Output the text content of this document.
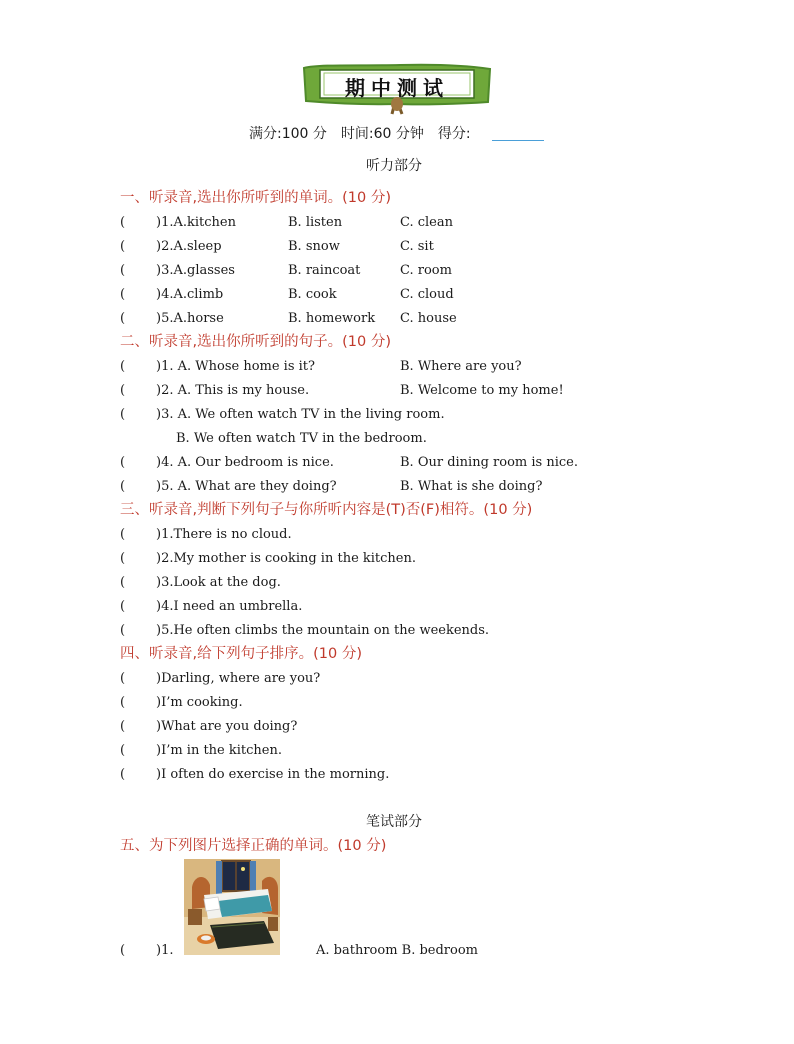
期中测试
满分:100 分　时间:60 分钟　得分:
听力部分
一、听录音,选出你所听到的单词。(10 分)
( )1.A.kitchen	B. listen	C. clean
( )2.A.sleep	B. snow	C. sit
( )3.A.glasses	B. raincoat	C. room
( )4.A.climb	B. cook	C. cloud
( )5.A.horse	B. homework C. house
二、听录音,选出你所听到的句子。(10 分)
( )1. A. Whose home is it?	B. Where are you?
( )2. A. This is my house.	B. Welcome to my home!
( )3. A. We often watch TV in the living room.
B. We often watch TV in the bedroom.
( )4. A. Our bedroom is nice.	B. Our dining room is nice.
( )5. A. What are they doing?	B. What is she doing?
三、听录音,判断下列句子与你所听内容是(T)否(F)相符。(10 分)
( )1.There is no cloud.
( )2.My mother is cooking in the kitchen.
( )3.Look at the dog.
( )4.I need an umbrella.
( )5.He often climbs the mountain on the weekends.
四、听录音,给下列句子排序。(10 分)
( )Darling, where are you?
( )I’m cooking.
( )What are you doing?
( )I’m in the kitchen.
( )I often do exercise in the morning.
笔试部分
五、为下列图片选择正确的单词。(10 分)
( )1.	A. bathroom B. bedroom
